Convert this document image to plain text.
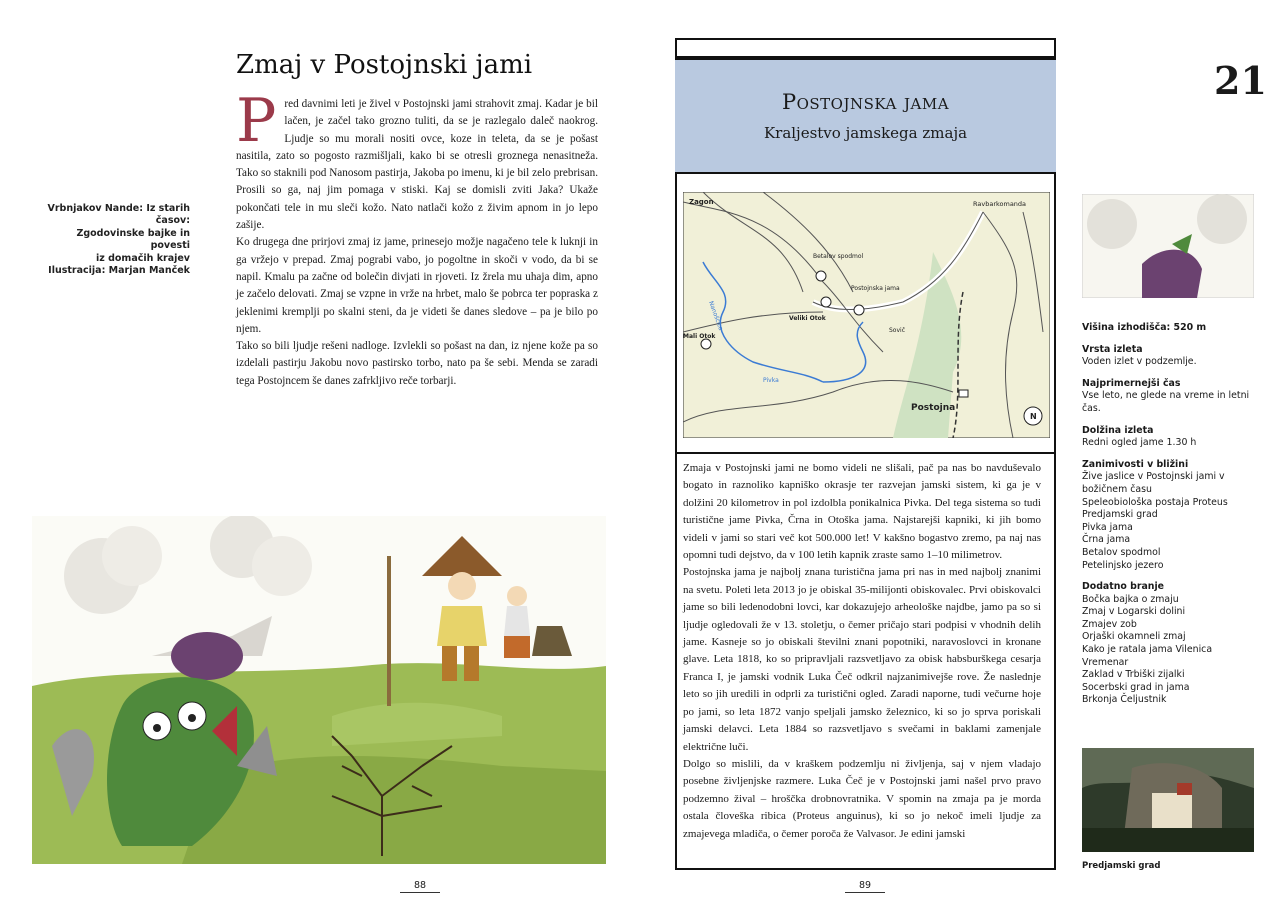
Zmaj v Postojnski jami
P red davnimi leti je živel v Postojnski jami strahovit zmaj. Kadar je bil lačen, je začel tako grozno tuliti, da se je razlegalo daleč naokrog. Ljudje so mu morali nositi ovce, koze in teleta, da se je pošast nasitila, zato so pogosto razmišljali, kako bi se otresli groznega nenasitneža. Tako so staknili pod Nanosom pastirja, Jakoba po imenu, ki je bil zelo prebrisan. Prosili so ga, naj jim pomaga v stiski. Kaj se domisli zviti Jaka? Ukaže pokončati tele in mu sleči kožo. Nato natlači kožo z živim apnom in jo lepo zašije.

Ko drugega dne prirjovi zmaj iz jame, prinesejo možje nagačeno tele k luknji in ga vržejo v prepad. Zmaj pograbi vabo, jo pogoltne in skoči v vodo, da bi se napil. Kmalu pa začne od bolečin divjati in rjoveti. Iz žrela mu uhaja dim, apno je začelo delovati. Zmaj se vzpne in vrže na hrbet, malo še pobrca ter popraska z jeklenimi kremplji po skalni steni, da je videti še danes sledove – pa je bilo po njem.

Tako so bili ljudje rešeni nadloge. Izvlekli so pošast na dan, iz njene kože pa so izdelali pastirju Jakobu novo pastirsko torbo, nato pa še sebi. Menda se zaradi tega Postojncem še danes zafrkljivo reče torbarji.

Vrbnjakov Nande: Iz starih časov:
Zgodovinske bajke in povesti
iz domačih krajev
Ilustracija: Marjan Manček
88
Postojnska jama
Kraljestvo jamskega zmaja
Zagon	Ravbarkomanda
Betalov spodmol
Postojnska jama
Veliki Otok
Mali Otok
Sovič
Postojna
Pivka
Nanoščica
N

Zmaja v Postojnski jami ne bomo videli ne slišali, pač pa nas bo navduševalo bogato in raznoliko kapniško okrasje ter razvejan jamski sistem, ki ga je v dolžini 20 kilometrov in pol izdolbla ponikalnica Pivka. Del tega sistema so tudi turistične jame Pivka, Črna in Otoška jama. Najstarejši kapniki, ki jih bomo videli v jami so stari več kot 500.000 let! V kakšno bogastvo zremo, pa naj nas opomni tudi dejstvo, da v 100 letih kapnik zraste samo 1–10 milimetrov.

Postojnska jama je najbolj znana turistična jama pri nas in med najbolj znanimi na svetu. Poleti leta 2013 jo je obiskal 35-milijonti obiskovalec. Prvi obiskovalci jame so bili ledenodobni lovci, kar dokazujejo arheološke najdbe, jamo pa so si ljudje ogledovali že v 13. stoletju, o čemer pričajo stari podpisi v vhodnih delih jame. Kasneje so jo obiskali številni znani popotniki, naravoslovci in kronane glave. Leta 1818, ko so pripravljali razsvetljavo za obisk habsburškega cesarja Franca I, je jamski vodnik Luka Čeč odkril najzanimivejše rove. Že naslednje leto so jih uredili in odprli za turistični ogled. Zaradi naporne, tudi večurne hoje po jami, so leta 1872 vanjo speljali jamsko železnico, ki so jo sprva poriskali jamski delavci. Leta 1884 so razsvetljavo s svečami in baklami zamenjale električne luči.

Dolgo so mislili, da v kraškem podzemlju ni življenja, saj v njem vladajo posebne življenjske razmere. Luka Čeč je v Postojnski jami našel prvo pravo podzemno žival – hroščka drobnovratnika. V spomin na zmaja pa je morda ostala človeška ribica (Proteus anguinus), ki so jo nekoč imeli ljudje za zmajevega mladiča, o čemer poroča že Valvasor. Je edini jamski

21
Višina izhodišča: 520 m
Vrsta izleta
Voden izlet v podzemlje.
Najprimernejši čas
Vse leto, ne glede na vreme in letni čas.
Dolžina izleta
Redni ogled jame 1.30 h
Zanimivosti v bližini
Žive jaslice v Postojnski jami v božičnem času
Speleobiološka postaja Proteus
Predjamski grad
Pivka jama
Črna jama
Betalov spodmol
Petelinjsko jezero
Dodatno branje
Bočka bajka o zmaju
Zmaj v Logarski dolini
Zmajev zob
Orjaški okamneli zmaj
Kako je ratala jama Vilenica
Vremenar
Zaklad v Trbiški zijalki
Socerbski grad in jama
Brkonja Čeljustnik
Predjamski grad
89
